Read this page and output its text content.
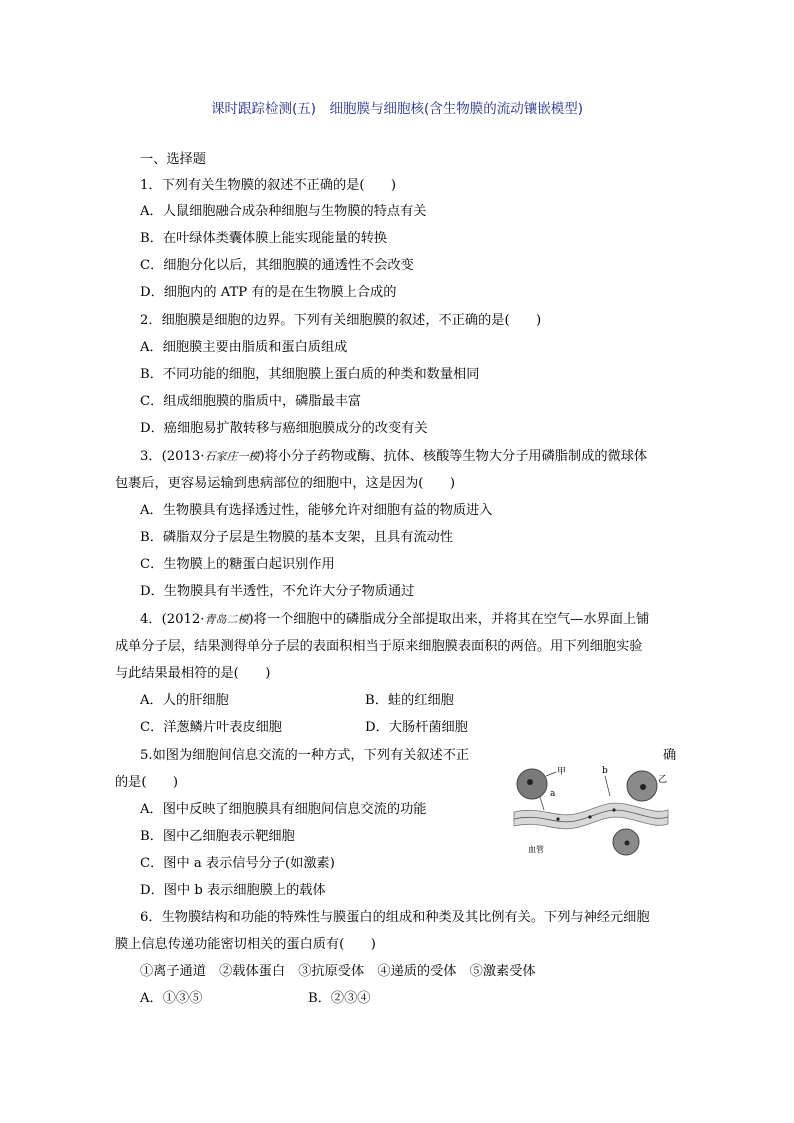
课时跟踪检测(五)　细胞膜与细胞核(含生物膜的流动镶嵌模型)
一、选择题
1．下列有关生物膜的叙述不正确的是(　　)
A．人鼠细胞融合成杂种细胞与生物膜的特点有关
B．在叶绿体类囊体膜上能实现能量的转换
C．细胞分化以后，其细胞膜的通透性不会改变
D．细胞内的 ATP 有的是在生物膜上合成的
2．细胞膜是细胞的边界。下列有关细胞膜的叙述，不正确的是(　　)
A．细胞膜主要由脂质和蛋白质组成
B．不同功能的细胞，其细胞膜上蛋白质的种类和数量相同
C．组成细胞膜的脂质中，磷脂最丰富
D．癌细胞易扩散转移与癌细胞膜成分的改变有关
3．(2013·石家庄一模)将小分子药物或酶、抗体、核酸等生物大分子用磷脂制成的微球体
包裹后，更容易运输到患病部位的细胞中，这是因为(　　)
A．生物膜具有选择透过性，能够允许对细胞有益的物质进入
B．磷脂双分子层是生物膜的基本支架，且具有流动性
C．生物膜上的糖蛋白起识别作用
D．生物膜具有半透性，不允许大分子物质通过
4．(2012·青岛二模)将一个细胞中的磷脂成分全部提取出来，并将其在空气—水界面上铺
成单分子层，结果测得单分子层的表面积相当于原来细胞膜表面积的两倍。用下列细胞实验
与此结果最相符的是(　　)
A．人的肝细胞	B．蛙的红细胞
C．洋葱鳞片叶表皮细胞	D．大肠杆菌细胞
5.如图为细胞间信息交流的一种方式，下列有关叙述不正	确
的是(　　)
A．图中反映了细胞膜具有细胞间信息交流的功能
B．图中乙细胞表示靶细胞
C．图中 a 表示信号分子(如激素)
D．图中 b 表示细胞膜上的载体
甲
a
b
乙
血管
6．生物膜结构和功能的特殊性与膜蛋白的组成和种类及其比例有关。下列与神经元细胞
膜上信息传递功能密切相关的蛋白质有(　　)
①离子通道　②载体蛋白　③抗原受体　④递质的受体　⑤激素受体
A．①③⑤	B．②③④
